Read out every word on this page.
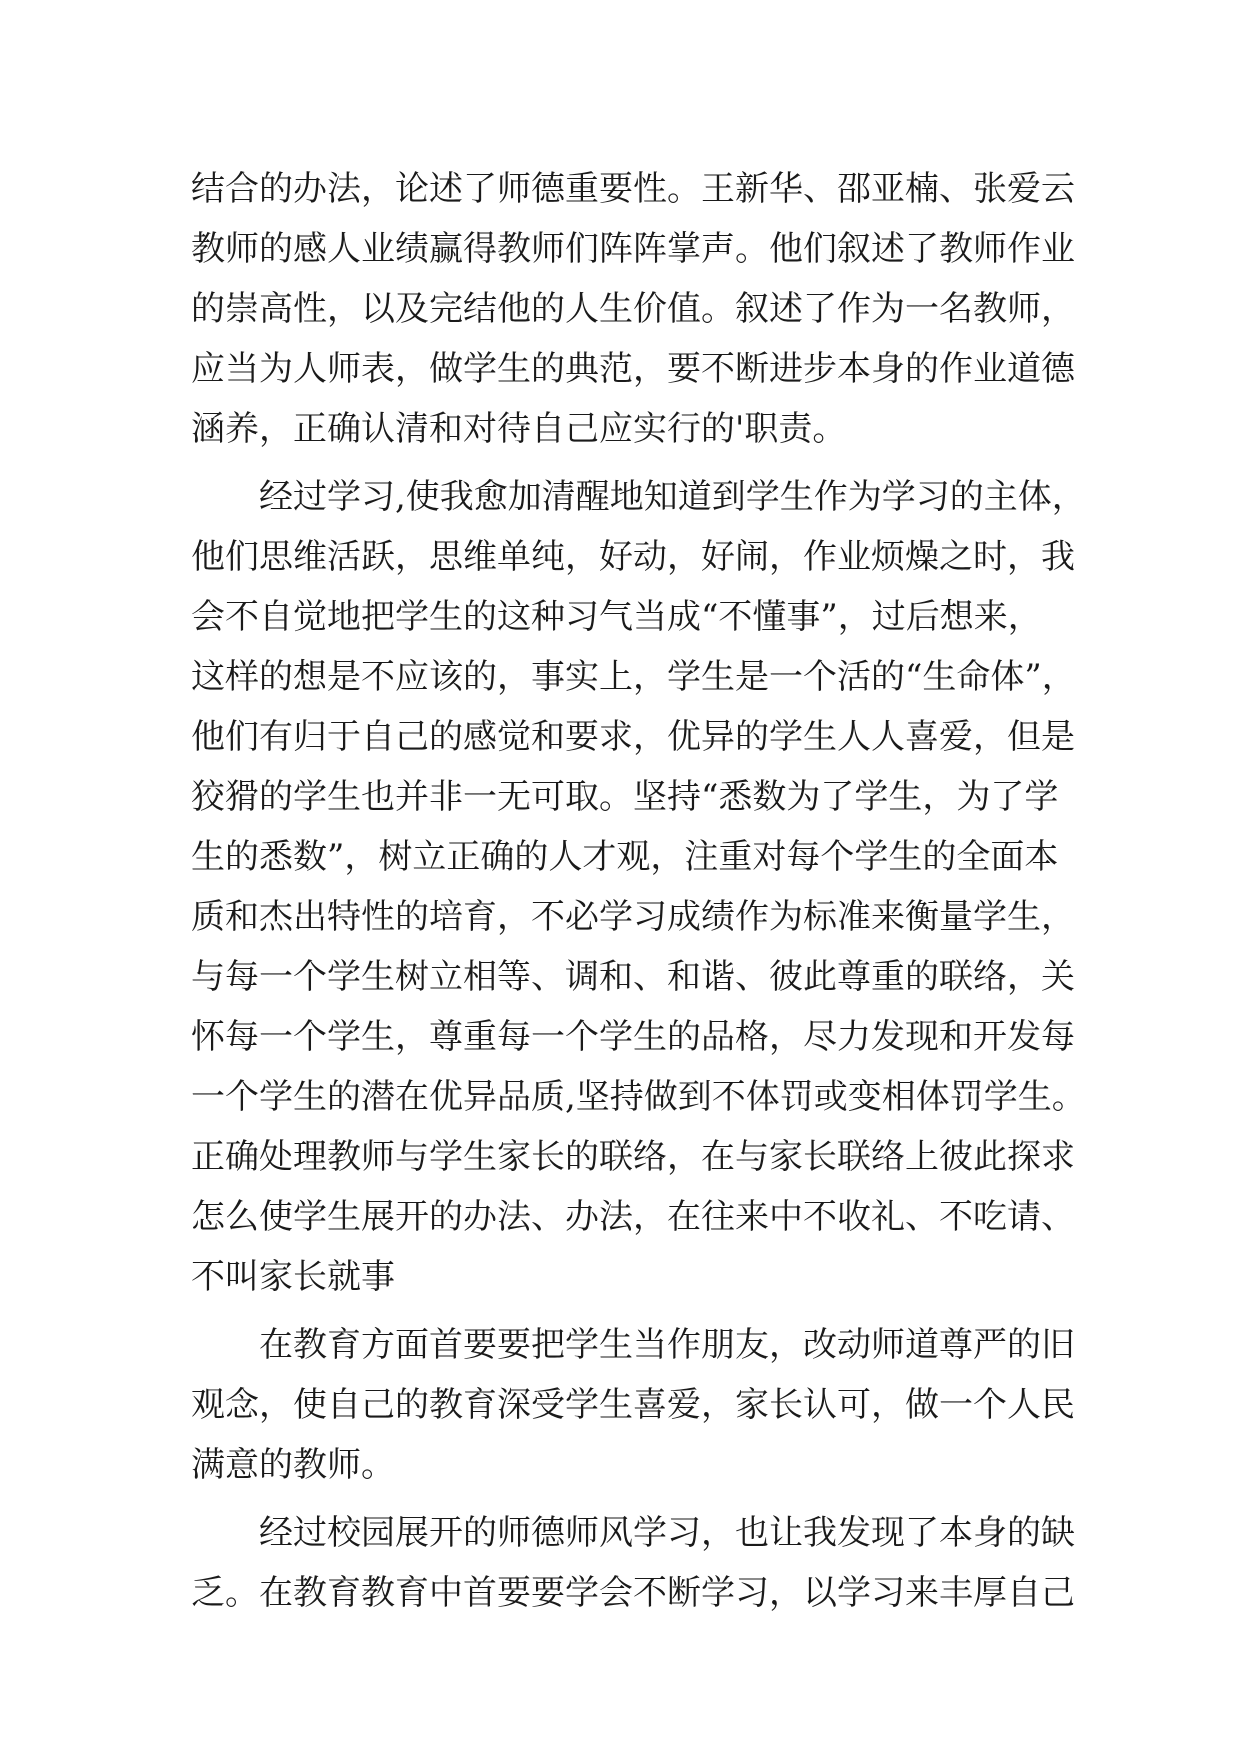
结合的办法，论述了师德重要性。王新华、邵亚楠、张爱云
教师的感人业绩赢得教师们阵阵掌声。他们叙述了教师作业
的崇高性，以及完结他的人生价值。叙述了作为一名教师，
应当为人师表，做学生的典范，要不断进步本身的作业道德
涵养，正确认清和对待自己应实行的'职责。
经过学习,使我愈加清醒地知道到学生作为学习的主体，
他们思维活跃，思维单纯，好动，好闹，作业烦燥之时，我
会不自觉地把学生的这种习气当成“不懂事”，过后想来，
这样的想是不应该的，事实上，学生是一个活的“生命体”，
他们有归于自己的感觉和要求，优异的学生人人喜爱，但是
狡猾的学生也并非一无可取。坚持“悉数为了学生，为了学
生的悉数”，树立正确的人才观，注重对每个学生的全面本
质和杰出特性的培育，不必学习成绩作为标准来衡量学生，
与每一个学生树立相等、调和、和谐、彼此尊重的联络，关
怀每一个学生，尊重每一个学生的品格，尽力发现和开发每
一个学生的潜在优异品质,坚持做到不体罚或变相体罚学生。
正确处理教师与学生家长的联络，在与家长联络上彼此探求
怎么使学生展开的办法、办法，在往来中不收礼、不吃请、
不叫家长就事
在教育方面首要要把学生当作朋友，改动师道尊严的旧
观念，使自己的教育深受学生喜爱，家长认可，做一个人民
满意的教师。
经过校园展开的师德师风学习，也让我发现了本身的缺
乏。在教育教育中首要要学会不断学习，以学习来丰厚自己
